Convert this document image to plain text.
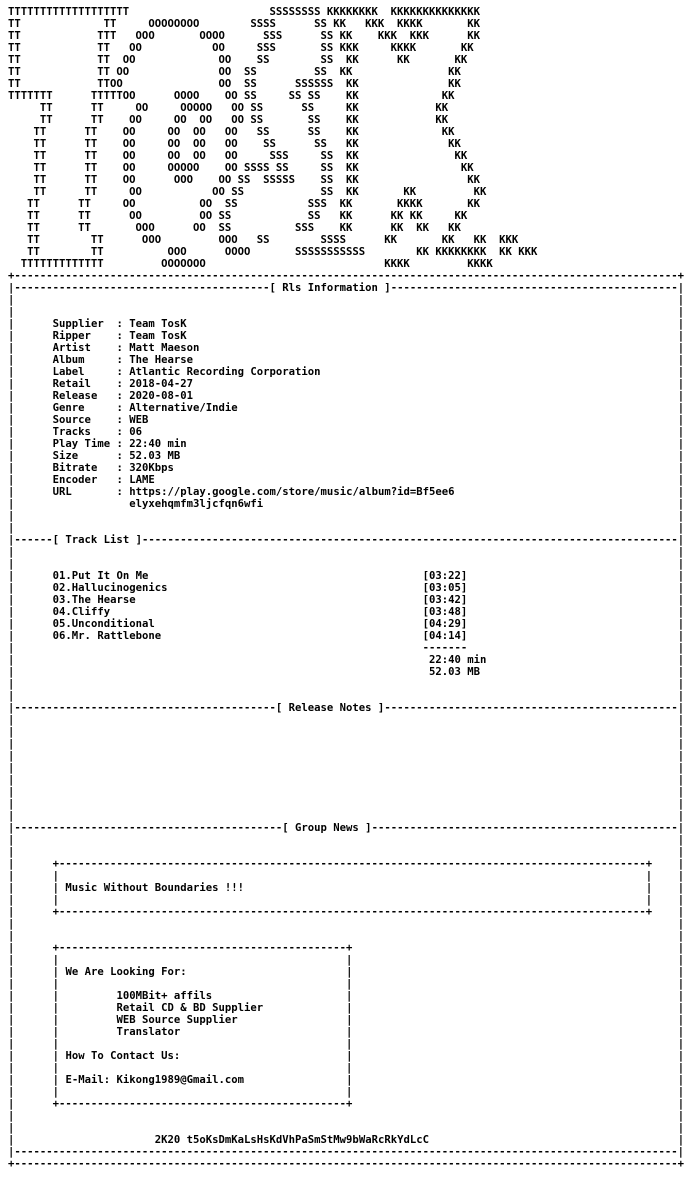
TTTTTTTTTTTTTTTTTTT                      SSSSSSSS KKKKKKKK  KKKKKKKKKKKKKK
TT             TT     OOOOOOOO        SSSS      SS KK   KKK  KKKK       KK
TT            TTT   OOO       OOOO      SSS      SS KK    KKK  KKK      KK
TT            TT   OO           OO     SSS       SS KKK     KKKK       KK
TT            TT  OO             OO    SS        SS  KK      KK       KK
TT            TT OO              OO  SS         SS  KK               KK
TT            TTOO               OO  SS      SSSSSS  KK              KK
TTTTTTT      TTTTTOO      OOOO    OO SS     SS SS    KK             KK
TT      TT     OO     OOOOO   OO SS      SS     KK            KK
TT      TT    OO     OO  OO   OO SS       SS    KK            KK
TT      TT    OO     OO  OO   OO   SS      SS    KK             KK
TT      TT    OO     OO  OO   OO    SS      SS   KK              KK
TT      TT    OO     OO  OO   OO     SSS     SS  KK               KK
TT      TT    OO     OOOOO    OO SSSS SS     SS  KK                KK
TT      TT    OO      OOO    OO SS  SSSSS    SS  KK                 KK
TT      TT     OO           OO SS            SS  KK       KK         KK
TT      TT     OO          OO  SS           SSS  KK       KKKK       KK
TT      TT      OO         OO SS            SS   KK      KK KK     KK
TT      TT       OOO      OO  SS          SSS    KK      KK  KK   KK
TT        TT      OOO         OOO   SS        SSSS      KK       KK   KK  KKK
TT        TT          OOO      OOOO       SSSSSSSSSSS        KK KKKKKKKK  KK KKK
TTTTTTTTTTTTT         OOOOOOO                            KKKK         KKKK
+--------------------------------------------------------------------------------------------------------+
|----------------------------------------[ Rls Information ]---------------------------------------------|
|                                                                                                        |
|                                                                                                        |
|	Supplier  : Team TosK                                                                             |
|	Ripper    : Team TosK                                                                             |
|	Artist    : Matt Maeson                                                                           |
|	Album     : The Hearse                                                                            |
|	Label     : Atlantic Recording Corporation                                                        |
|	Retail    : 2018-04-27                                                                            |
|	Release   : 2020-08-01                                                                            |
|	Genre     : Alternative/Indie                                                                     |
|	Source    : WEB                                                                                   |
|	Tracks    : 06                                                                                    |
|	Play Time : 22:40 min                                                                             |
|	Size      : 52.03 MB                                                                              |
|	Bitrate   : 320Kbps                                                                               |
|	Encoder   : LAME                                                                                  |
|	URL       : https://play.google.com/store/music/album?id=Bf5ee6                                   |
|	elyxehqmfm3ljcfqn6wfi                                                                 |
|                                                                                                        |
|                                                                                                        |
|------[ Track List ]------------------------------------------------------------------------------------|
|                                                                                                        |
|                                                                                                        |
|	01.Put It On Me                                           [03:22]                                 |
|	02.Hallucinogenics                                        [03:05]                                 |
|	03.The Hearse                                             [03:42]                                 |
|	04.Cliffy                                                 [03:48]                                 |
|	05.Unconditional                                          [04:29]                                 |
|	06.Mr. Rattlebone                                         [04:14]                                 |
|	-------                                 |
|	22:40 min                              |
|	52.03 MB                               |
|                                                                                                        |
|                                                                                                        |
|-----------------------------------------[ Release Notes ]----------------------------------------------|
|                                                                                                        |
|                                                                                                        |
|                                                                                                        |
|                                                                                                        |
|                                                                                                        |
|                                                                                                        |
|                                                                                                        |
|                                                                                                        |
|                                                                                                        |
|------------------------------------------[ Group News ]------------------------------------------------|
|                                                                                                        |
|                                                                                                        |
|      +--------------------------------------------------------------------------------------------+    |
|      |                                                                                            |    |
|      | Music Without Boundaries !!!                                                               |    |
|      |                                                                                            |    |
|      +--------------------------------------------------------------------------------------------+    |
|                                                                                                        |
|                                                                                                        |
|      +---------------------------------------------+                                                   |
|      |                                             |                                                   |
|      | We Are Looking For:                         |                                                   |
|      |                                             |                                                   |
|      |	100MBit+ affils                     |                                                   |
|      |	Retail CD & BD Supplier             |                                                   |
|      |	WEB Source Supplier                 |                                                   |
|      |	Translator                          |                                                   |
|      |                                             |                                                   |
|      | How To Contact Us:                          |                                                   |
|      |                                             |                                                   |
|      | E-Mail: Kikong1989@Gmail.com                |                                                   |
|      |                                             |                                                   |
|      +---------------------------------------------+                                                   |
|                                                                                                        |
|                                                                                                        |
|	2K20 t5oKsDmKaLsHsKdVhPaSmStMw9bWaRcRkYdLcC                                       |
|--------------------------------------------------------------------------------------------------------|
+--------------------------------------------------------------------------------------------------------+
